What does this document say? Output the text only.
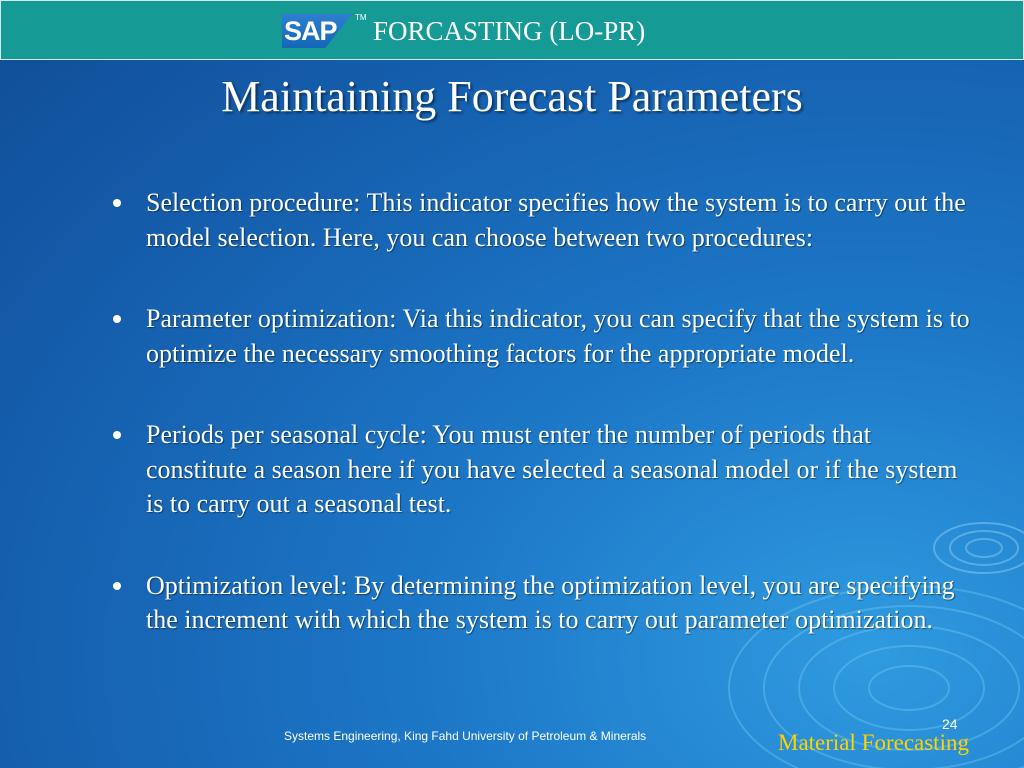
SAP TM FORCASTING (LO-PR)
Maintaining Forecast Parameters
Selection procedure: This indicator specifies how the system is to carry out the model selection. Here, you can choose between two procedures:
Parameter optimization: Via this indicator, you can specify that the system is to optimize the necessary smoothing factors for the appropriate model.
Periods per seasonal cycle: You must enter the number of periods that constitute a season here if you have selected a seasonal model or if the system is to carry out a seasonal test.
Optimization level: By determining the optimization level, you are specifying the increment with which the system is to carry out parameter optimization.
Systems Engineering, King Fahd University of Petroleum & Minerals
24
Material Forecasting
